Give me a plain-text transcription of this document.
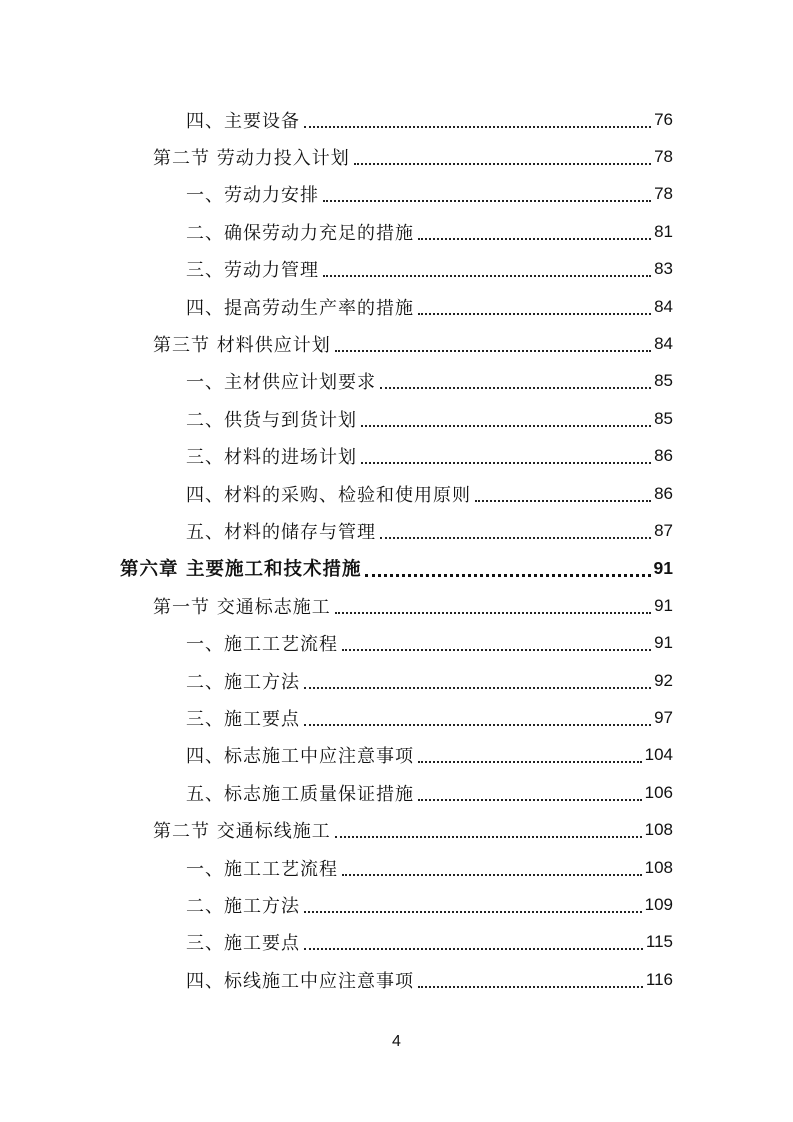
四、主要设备	76
第二节 劳动力投入计划	78
一、劳动力安排	78
二、确保劳动力充足的措施	81
三、劳动力管理	83
四、提高劳动生产率的措施	84
第三节 材料供应计划	84
一、主材供应计划要求	85
二、供货与到货计划	85
三、材料的进场计划	86
四、材料的采购、检验和使用原则	86
五、材料的储存与管理	87
第六章 主要施工和技术措施	91
第一节 交通标志施工	91
一、施工工艺流程	91
二、施工方法	92
三、施工要点	97
四、标志施工中应注意事项	104
五、标志施工质量保证措施	106
第二节 交通标线施工	108
一、施工工艺流程	108
二、施工方法	109
三、施工要点	115
四、标线施工中应注意事项	116
4
